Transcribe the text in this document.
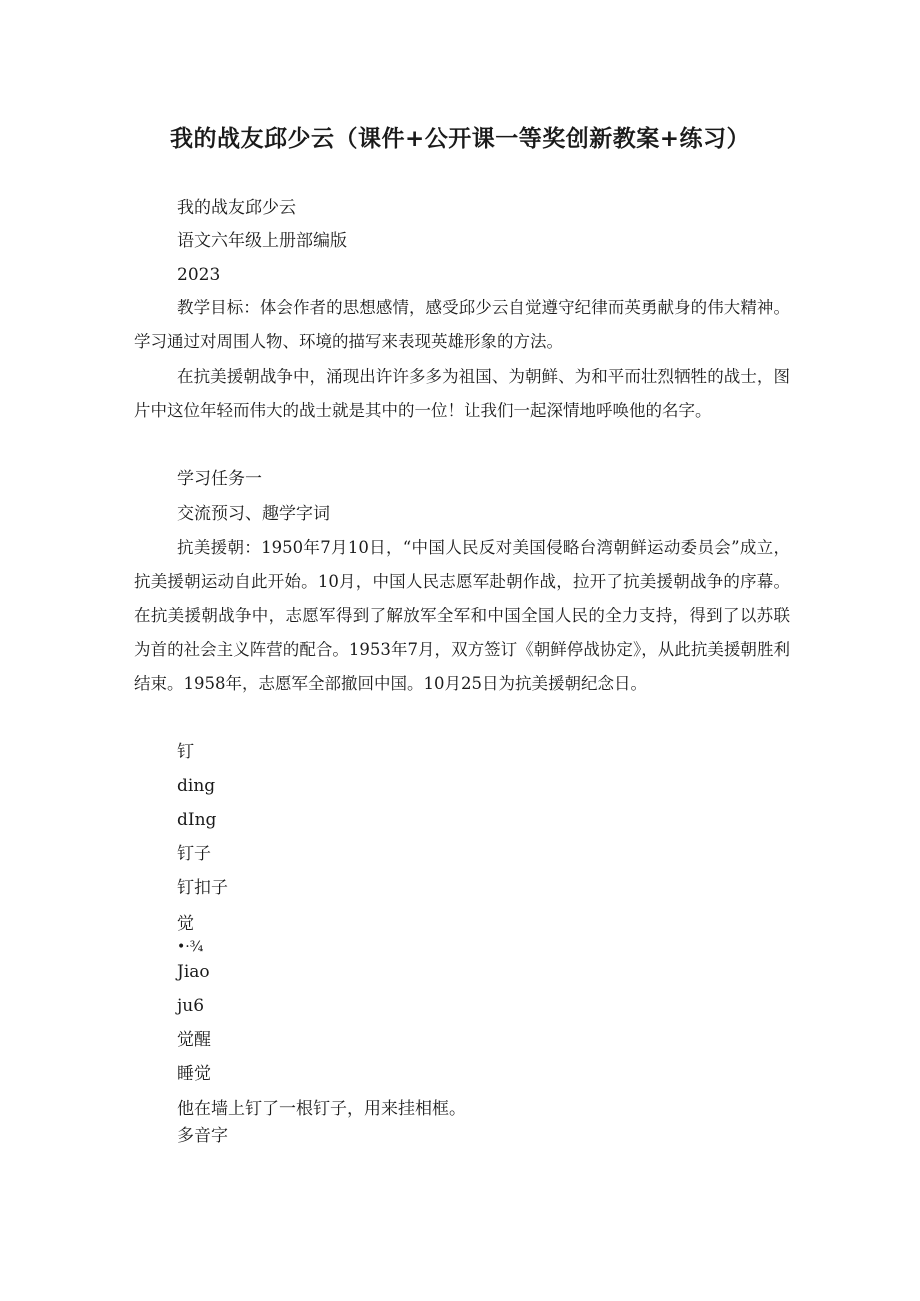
我的战友邱少云（课件+公开课一等奖创新教案+练习）

我的战友邱少云

语文六年级上册部编版

2023

教学目标：体会作者的思想感情，感受邱少云自觉遵守纪律而英勇献身的伟大精神。学习通过对周围人物、环境的描写来表现英雄形象的方法。

在抗美援朝战争中，涌现出许许多多为祖国、为朝鲜、为和平而壮烈牺牲的战士，图片中这位年轻而伟大的战士就是其中的一位！让我们一起深情地呼唤他的名字。

学习任务一

交流预习、趣学字词

抗美援朝：1950年7月10日，“中国人民反对美国侵略台湾朝鲜运动委员会”成立，抗美援朝运动自此开始。10月，中国人民志愿军赴朝作战，拉开了抗美援朝战争的序幕。在抗美援朝战争中，志愿军得到了解放军全军和中国全国人民的全力支持，得到了以苏联为首的社会主义阵营的配合。1953年7月，双方签订《朝鲜停战协定》，从此抗美援朝胜利结束。1958年，志愿军全部撤回中国。10月25日为抗美援朝纪念日。

钉

ding

dIng

钉子

钉扣子

觉

•·¾

Jiao

ju6

觉醒

睡觉

他在墙上钉了一根钉子，用来挂相框。

多音字
